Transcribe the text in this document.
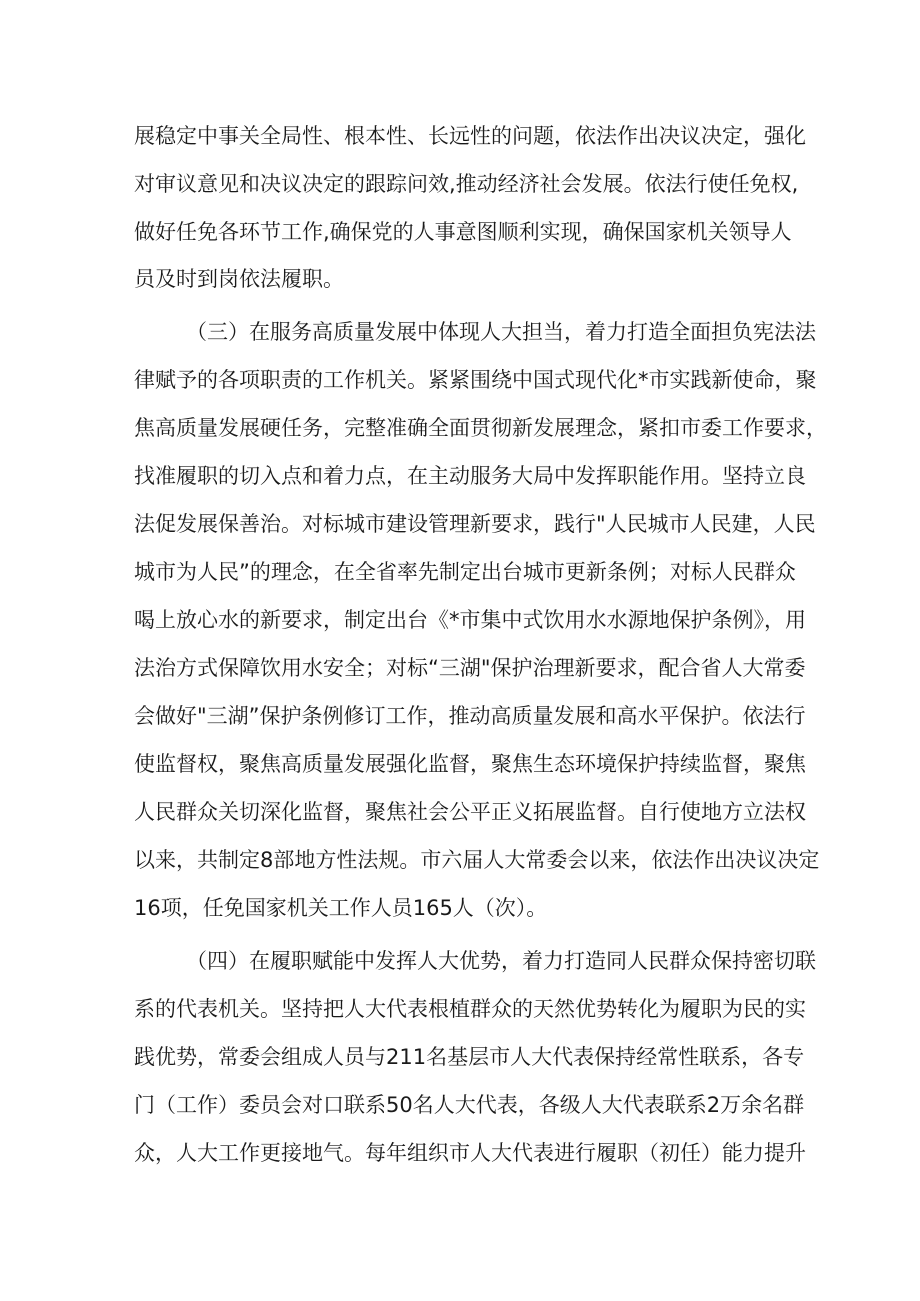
展稳定中事关全局性、根本性、长远性的问题，依法作出决议决定，强化
对审议意见和决议决定的跟踪问效,推动经济社会发展。依法行使任免权,
做好任免各环节工作,确保党的人事意图顺利实现，确保国家机关领导人
员及时到岗依法履职。
（三）在服务高质量发展中体现人大担当，着力打造全面担负宪法法
律赋予的各项职责的工作机关。紧紧围绕中国式现代化*市实践新使命，聚
焦高质量发展硬任务，完整准确全面贯彻新发展理念，紧扣市委工作要求，
找准履职的切入点和着力点，在主动服务大局中发挥职能作用。坚持立良
法促发展保善治。对标城市建设管理新要求，践行"人民城市人民建，人民
城市为人民”的理念，在全省率先制定出台城市更新条例；对标人民群众
喝上放心水的新要求，制定出台《*市集中式饮用水水源地保护条例》，用
法治方式保障饮用水安全；对标“三湖"保护治理新要求，配合省人大常委
会做好"三湖”保护条例修订工作，推动高质量发展和高水平保护。依法行
使监督权，聚焦高质量发展强化监督，聚焦生态环境保护持续监督，聚焦
人民群众关切深化监督，聚焦社会公平正义拓展监督。自行使地方立法权
以来，共制定8部地方性法规。市六届人大常委会以来，依法作出决议决定
16项，任免国家机关工作人员165人（次）。
（四）在履职赋能中发挥人大优势，着力打造同人民群众保持密切联
系的代表机关。坚持把人大代表根植群众的天然优势转化为履职为民的实
践优势，常委会组成人员与211名基层市人大代表保持经常性联系，各专
门（工作）委员会对口联系50名人大代表，各级人大代表联系2万余名群
众，人大工作更接地气。每年组织市人大代表进行履职（初任）能力提升
